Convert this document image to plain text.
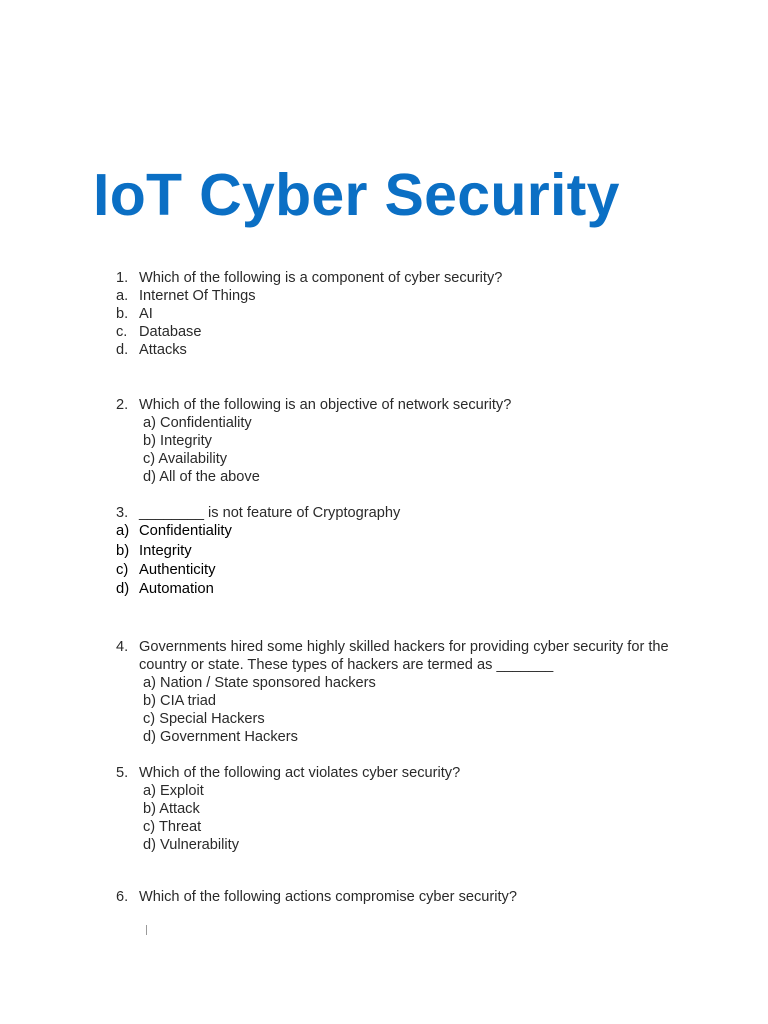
IoT Cyber Security
1. Which of the following is a component of cyber security?
a. Internet Of Things
b. AI
c. Database
d. Attacks
2. Which of the following is an objective of network security?
a) Confidentiality
b) Integrity
c) Availability
d) All of the above
3. ________ is not feature of Cryptography
a) Confidentiality
b) Integrity
c) Authenticity
d) Automation
4. Governments hired some highly skilled hackers for providing cyber security for the
country or state. These types of hackers are termed as _______
a) Nation / State sponsored hackers
b) CIA triad
c) Special Hackers
d) Government Hackers
5. Which of the following act violates cyber security?
a) Exploit
b) Attack
c) Threat
d) Vulnerability
6. Which of the following actions compromise cyber security?
